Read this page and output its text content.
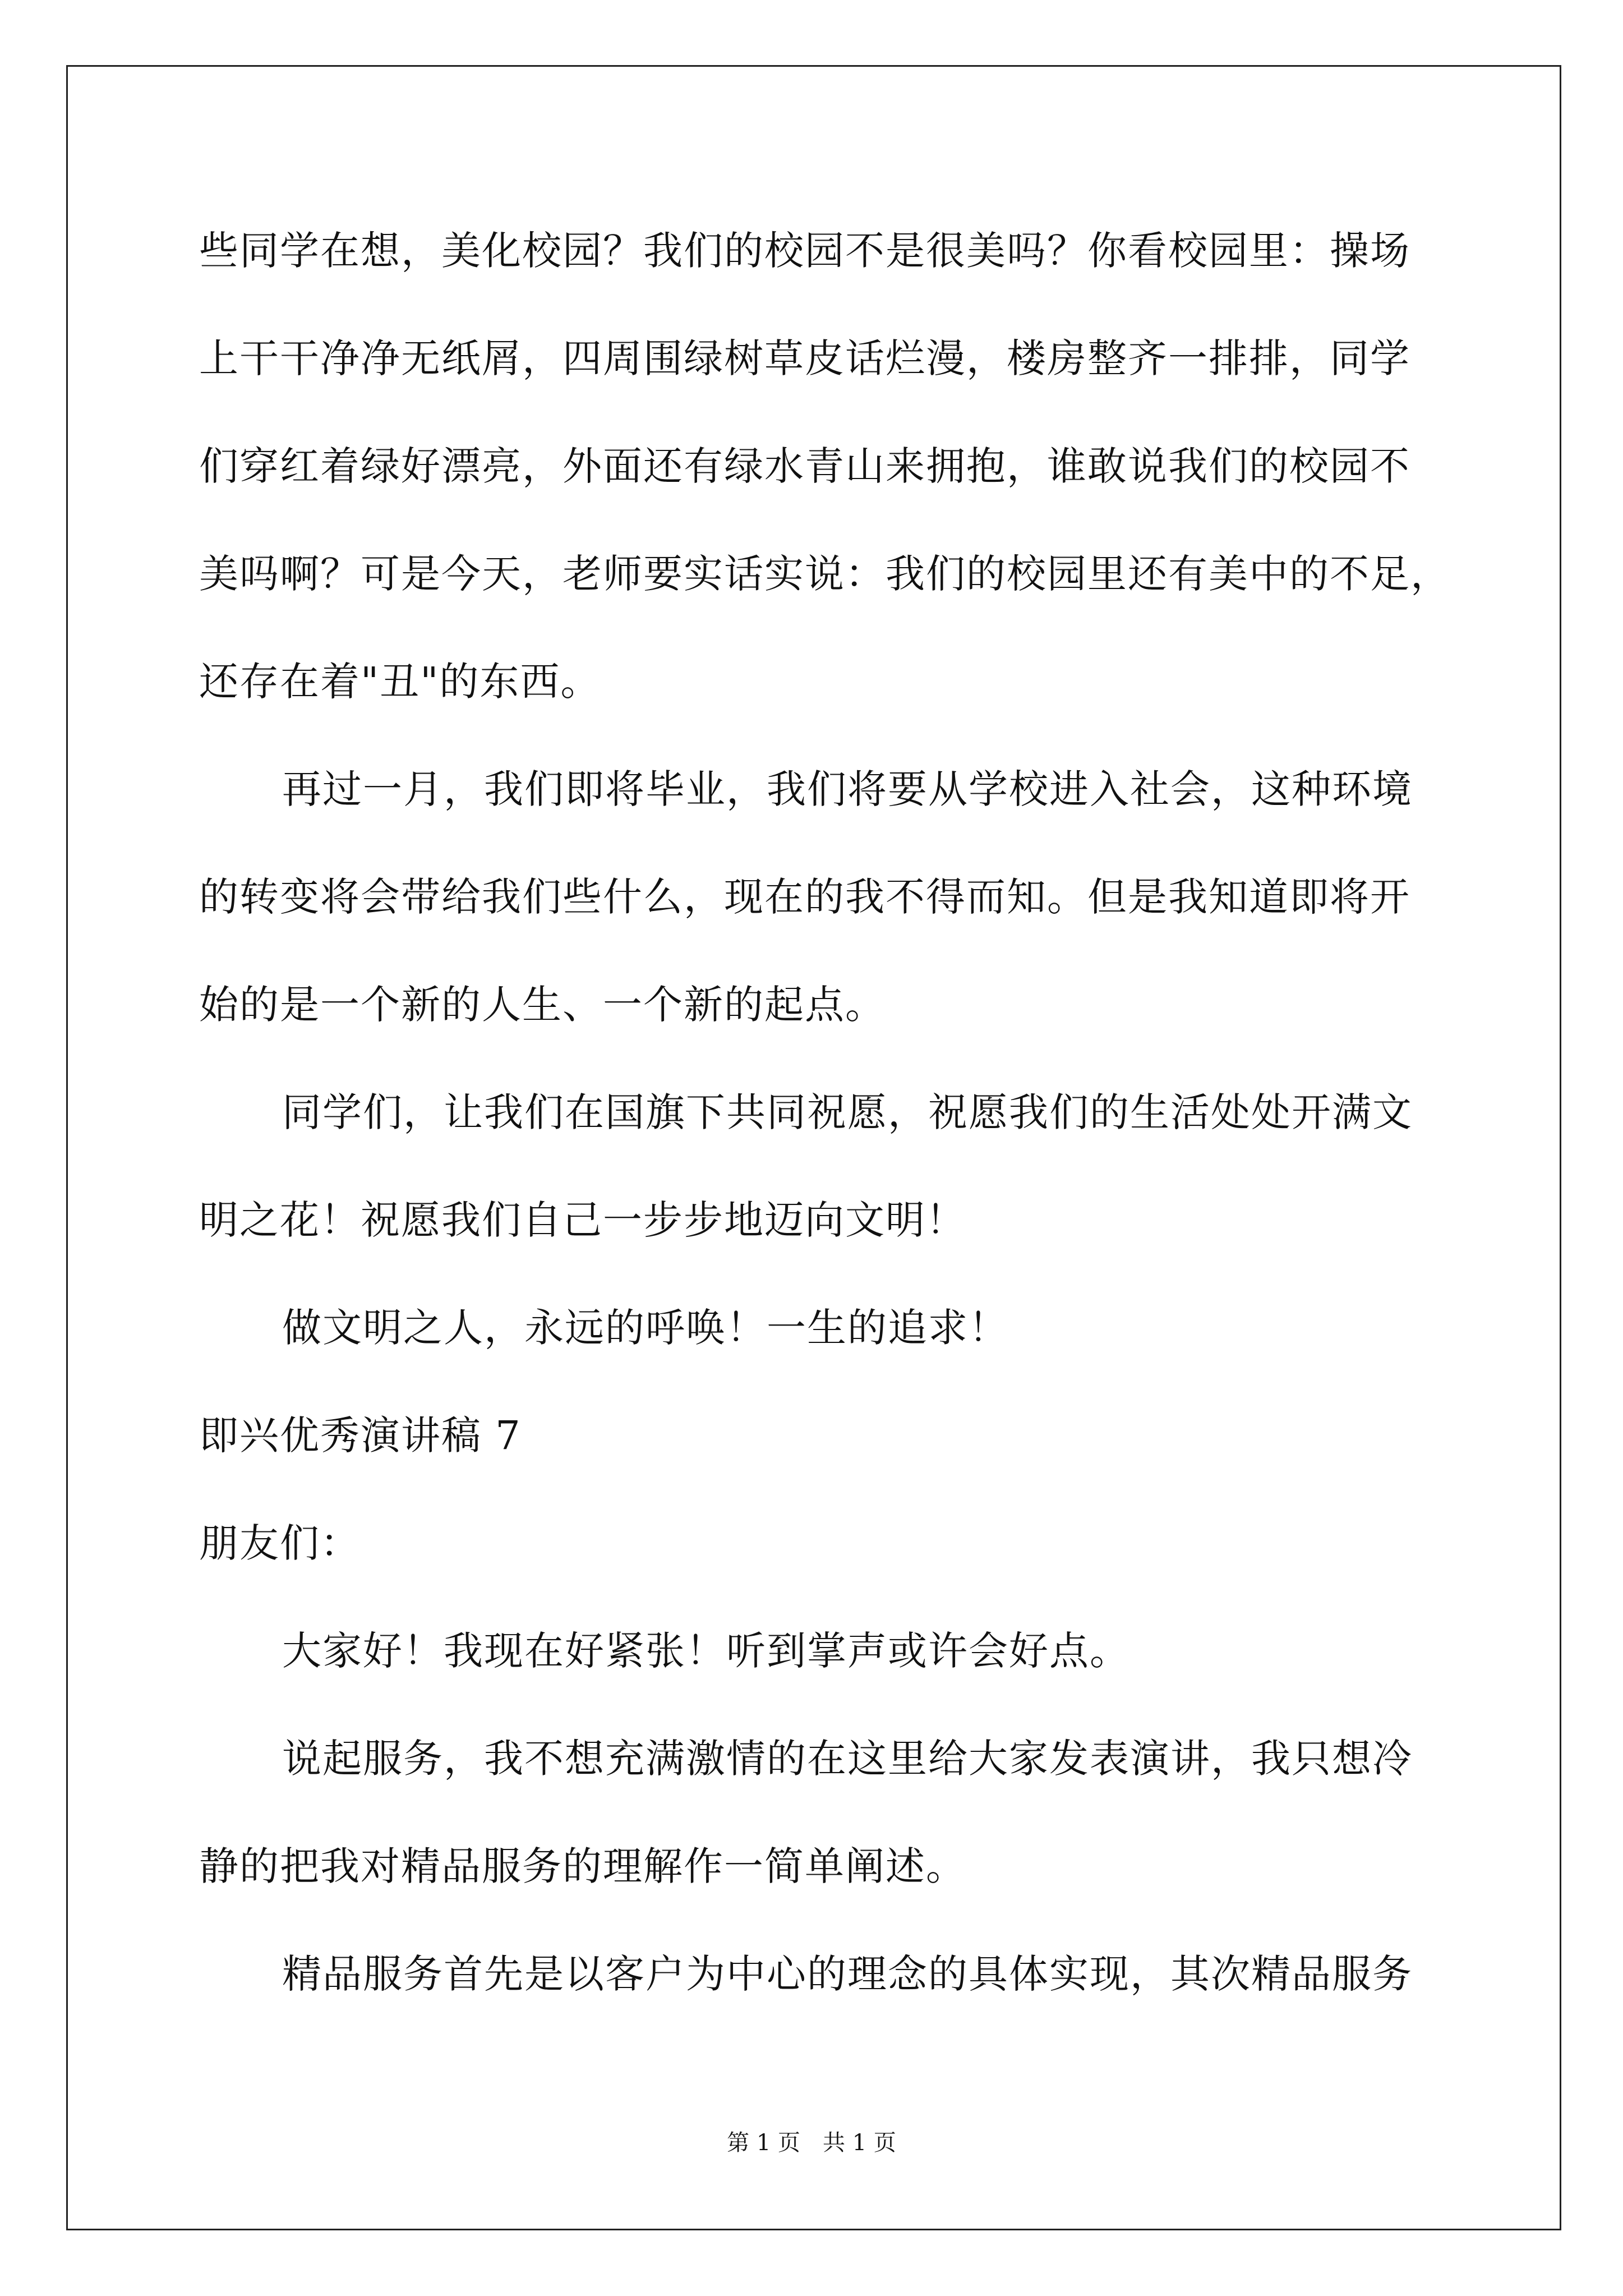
些同学在想，美化校园？我们的校园不是很美吗？你看校园里：操场
上干干净净无纸屑，四周围绿树草皮话烂漫，楼房整齐一排排，同学
们穿红着绿好漂亮，外面还有绿水青山来拥抱，谁敢说我们的校园不
美吗啊？可是今天，老师要实话实说：我们的校园里还有美中的不足，
还存在着"丑"的东西。
再过一月，我们即将毕业，我们将要从学校进入社会，这种环境
的转变将会带给我们些什么，现在的我不得而知。但是我知道即将开
始的是一个新的人生、一个新的起点。
同学们，让我们在国旗下共同祝愿，祝愿我们的生活处处开满文
明之花！祝愿我们自己一步步地迈向文明！
做文明之人，永远的呼唤！一生的追求！
即兴优秀演讲稿 7
朋友们：
大家好！我现在好紧张！听到掌声或许会好点。
说起服务，我不想充满激情的在这里给大家发表演讲，我只想冷
静的把我对精品服务的理解作一简单阐述。
精品服务首先是以客户为中心的理念的具体实现，其次精品服务
第 1 页 共 1 页
